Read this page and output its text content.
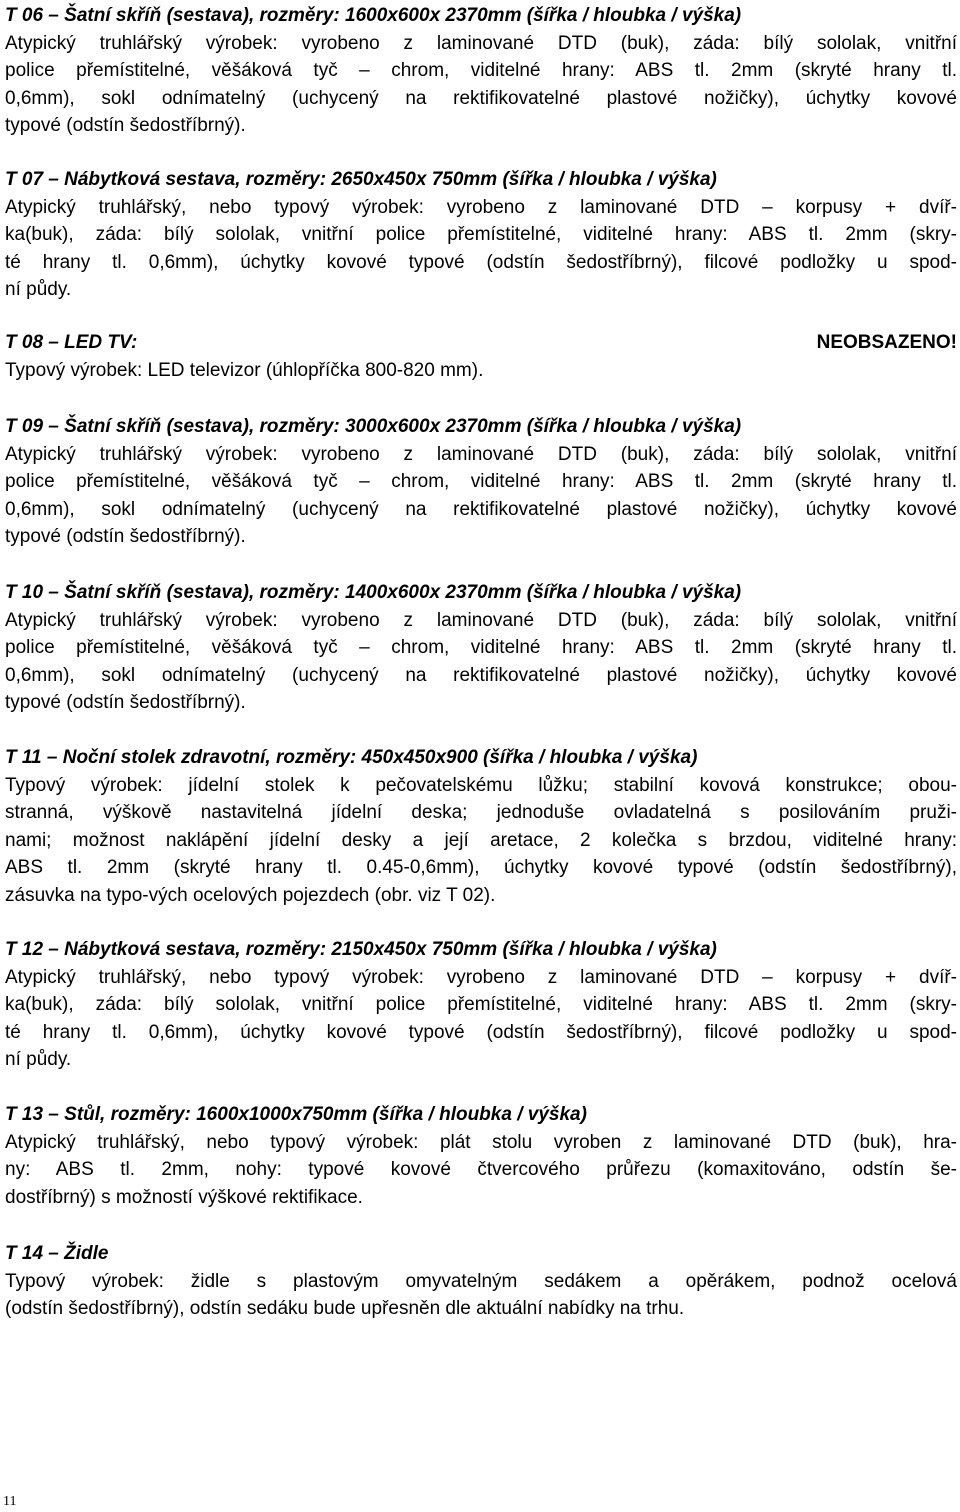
T 06 – Šatní skříň (sestava), rozměry: 1600x600x 2370mm (šířka / hloubka / výška)
Atypický truhlářský výrobek: vyrobeno z laminované DTD (buk), záda: bílý sololak, vnitřní
police přemístitelné, věšáková tyč – chrom, viditelné hrany: ABS tl. 2mm (skryté hrany tl.
0,6mm), sokl odnímatelný (uchycený na rektifikovatelné plastové nožičky), úchytky kovové
typové (odstín šedostříbrný).
T 07 – Nábytková sestava, rozměry: 2650x450x 750mm (šířka / hloubka / výška)
Atypický truhlářský, nebo typový výrobek: vyrobeno z laminované DTD – korpusy + dvíř-
ka(buk), záda: bílý sololak, vnitřní police přemístitelné, viditelné hrany: ABS tl. 2mm (skry-
té hrany tl. 0,6mm), úchytky kovové typové (odstín šedostříbrný), filcové podložky u spod-
ní půdy.
T 08 – LED TV:	NEOBSAZENO!
Typový výrobek: LED televizor (úhlopříčka 800-820 mm).
T 09 – Šatní skříň (sestava), rozměry: 3000x600x 2370mm (šířka / hloubka / výška)
Atypický truhlářský výrobek: vyrobeno z laminované DTD (buk), záda: bílý sololak, vnitřní
police přemístitelné, věšáková tyč – chrom, viditelné hrany: ABS tl. 2mm (skryté hrany tl.
0,6mm), sokl odnímatelný (uchycený na rektifikovatelné plastové nožičky), úchytky kovové
typové (odstín šedostříbrný).
T 10 – Šatní skříň (sestava), rozměry: 1400x600x 2370mm (šířka / hloubka / výška)
Atypický truhlářský výrobek: vyrobeno z laminované DTD (buk), záda: bílý sololak, vnitřní
police přemístitelné, věšáková tyč – chrom, viditelné hrany: ABS tl. 2mm (skryté hrany tl.
0,6mm), sokl odnímatelný (uchycený na rektifikovatelné plastové nožičky), úchytky kovové
typové (odstín šedostříbrný).
T 11 – Noční stolek zdravotní, rozměry: 450x450x900 (šířka / hloubka / výška)
Typový výrobek: jídelní stolek k pečovatelskému lůžku; stabilní kovová konstrukce; obou-
stranná, výškově nastavitelná jídelní deska; jednoduše ovladatelná s posilováním pruži-
nami; možnost naklápění jídelní desky a její aretace, 2 kolečka s brzdou, viditelné hrany:
ABS tl. 2mm (skryté hrany tl. 0.45-0,6mm), úchytky kovové typové (odstín šedostříbrný),
zásuvka na typo-vých ocelových pojezdech (obr. viz T 02).
T 12 – Nábytková sestava, rozměry: 2150x450x 750mm (šířka / hloubka / výška)
Atypický truhlářský, nebo typový výrobek: vyrobeno z laminované DTD – korpusy + dvíř-
ka(buk), záda: bílý sololak, vnitřní police přemístitelné, viditelné hrany: ABS tl. 2mm (skry-
té hrany tl. 0,6mm), úchytky kovové typové (odstín šedostříbrný), filcové podložky u spod-
ní půdy.
T 13 – Stůl, rozměry: 1600x1000x750mm (šířka / hloubka / výška)
Atypický truhlářský, nebo typový výrobek: plát stolu vyroben z laminované DTD (buk), hra-
ny: ABS tl. 2mm, nohy: typové kovové čtvercového průřezu (komaxitováno, odstín še-
dostříbrný) s možností výškové rektifikace.
T 14 – Židle
Typový výrobek: židle s plastovým omyvatelným sedákem a opěrákem, podnož ocelová
(odstín šedostříbrný), odstín sedáku bude upřesněn dle aktuální nabídky na trhu.
11
